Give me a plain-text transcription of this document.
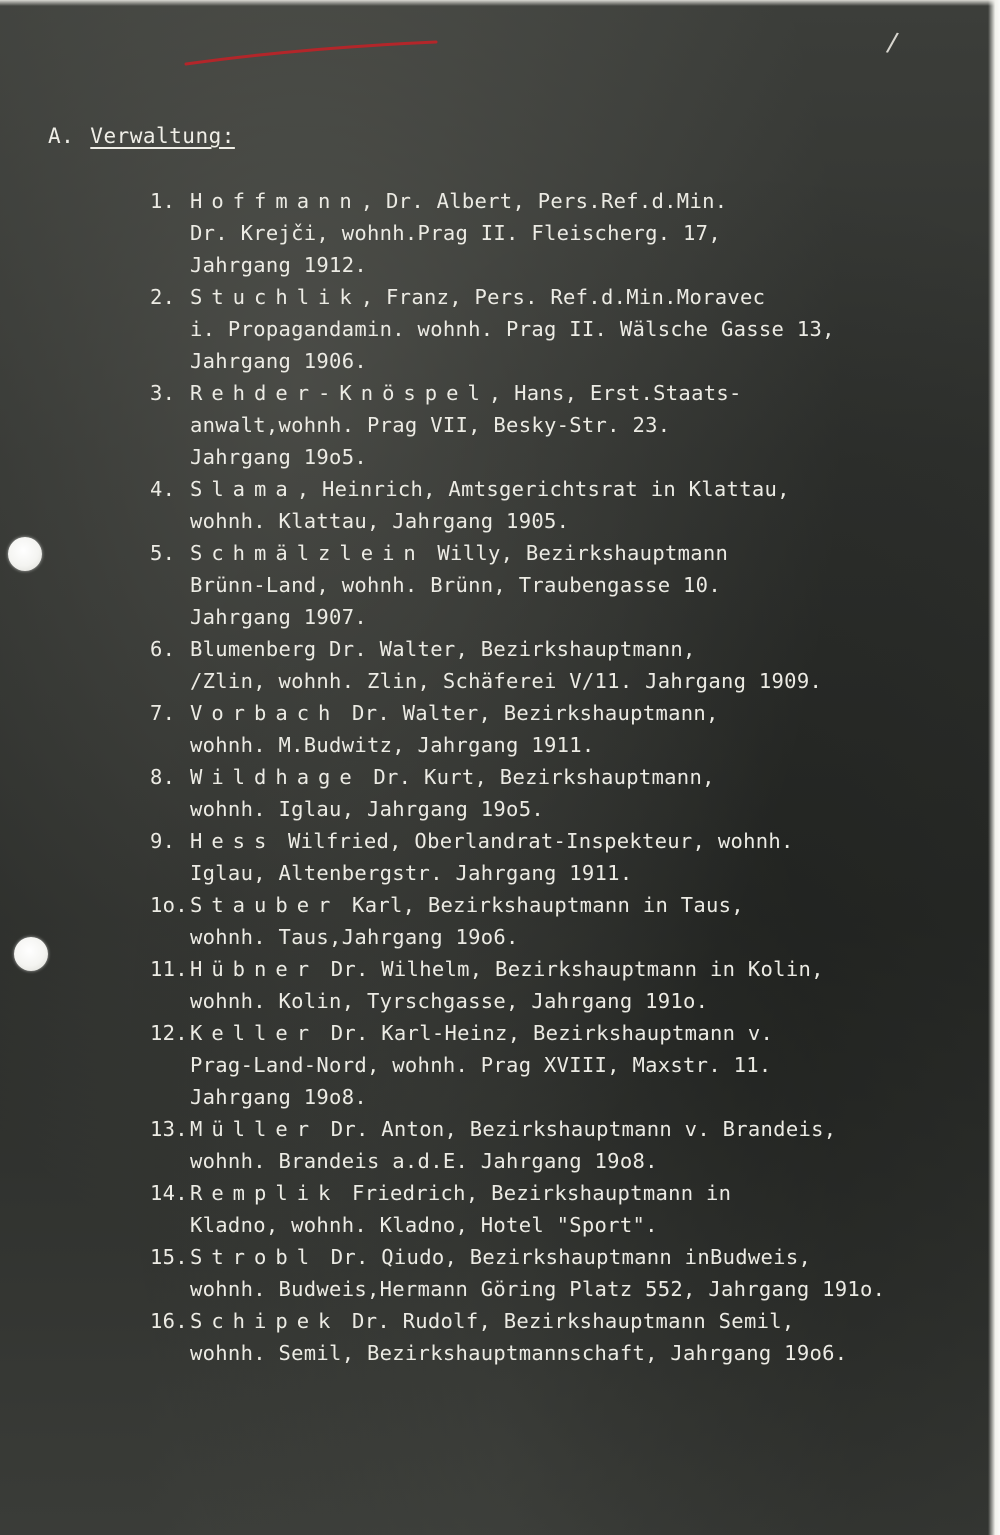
/
A. Verwaltung:
1. Hoffmann, Dr. Albert, Pers.Ref.d.Min.
Dr. Krejči, wohnh.Prag II. Fleischerg. 17,
Jahrgang 1912.
2. Stuchlik, Franz, Pers. Ref.d.Min.Moravec
i. Propagandamin. wohnh. Prag II. Wälsche Gasse 13,
Jahrgang 1906.
3. Rehder-Knöspel, Hans, Erst.Staats-
anwalt,wohnh. Prag VII, Besky-Str. 23.
Jahrgang 19o5.
4. Slama, Heinrich, Amtsgerichtsrat in Klattau,
wohnh. Klattau, Jahrgang 1905.
5. Schmälzlein Willy, Bezirkshauptmann
Brünn-Land, wohnh. Brünn, Traubengasse 10.
Jahrgang 1907.
6. Blumenberg Dr. Walter, Bezirkshauptmann,
/Zlin, wohnh. Zlin, Schäferei V/11. Jahrgang 1909.
7. Vorbach Dr. Walter, Bezirkshauptmann,
wohnh. M.Budwitz, Jahrgang 1911.
8. Wildhage Dr. Kurt, Bezirkshauptmann,
wohnh. Iglau, Jahrgang 19o5.
9. Hess Wilfried, Oberlandrat-Inspekteur, wohnh.
Iglau, Altenbergstr. Jahrgang 1911.
1o. Stauber Karl, Bezirkshauptmann in Taus,
wohnh. Taus,Jahrgang 19o6.
11. Hübner Dr. Wilhelm, Bezirkshauptmann in Kolin,
wohnh. Kolin, Tyrschgasse, Jahrgang 191o.
12. Keller Dr. Karl-Heinz, Bezirkshauptmann v.
Prag-Land-Nord, wohnh. Prag XVIII, Maxstr. 11.
Jahrgang 19o8.
13. Müller Dr. Anton, Bezirkshauptmann v. Brandeis,
wohnh. Brandeis a.d.E. Jahrgang 19o8.
14. Remplik Friedrich, Bezirkshauptmann in
Kladno, wohnh. Kladno, Hotel "Sport".
15. Strobl Dr. Qiudo, Bezirkshauptmann inBudweis,
wohnh. Budweis,Hermann Göring Platz 552, Jahrgang 191o.
16. Schipek Dr. Rudolf, Bezirkshauptmann Semil,
wohnh. Semil, Bezirkshauptmannschaft, Jahrgang 19o6.
